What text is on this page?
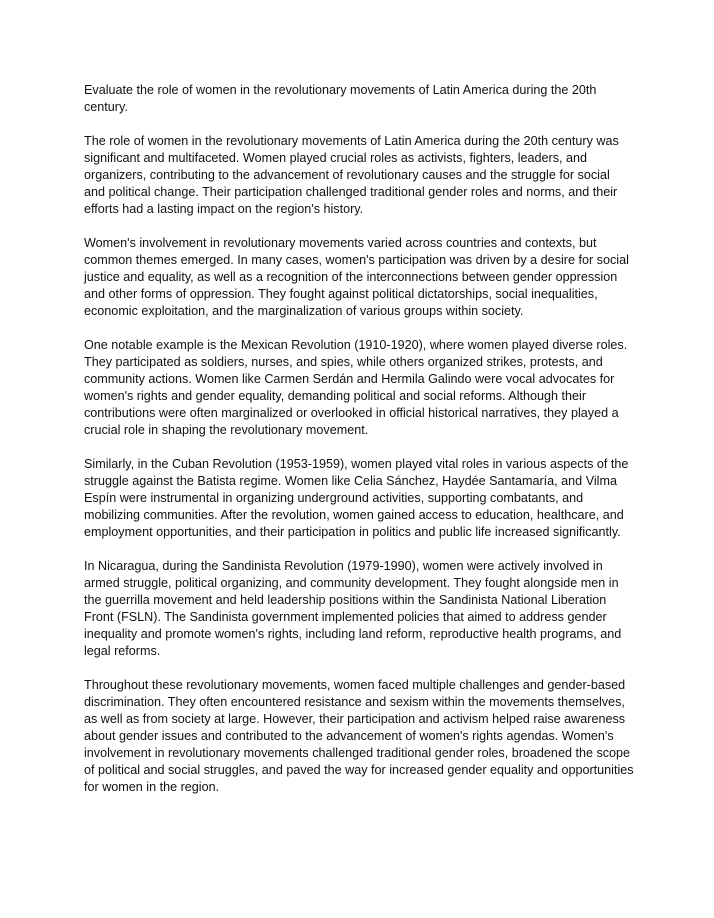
Evaluate the role of women in the revolutionary movements of Latin America during the 20th century.

The role of women in the revolutionary movements of Latin America during the 20th century was significant and multifaceted. Women played crucial roles as activists, fighters, leaders, and organizers, contributing to the advancement of revolutionary causes and the struggle for social and political change. Their participation challenged traditional gender roles and norms, and their efforts had a lasting impact on the region's history.

Women's involvement in revolutionary movements varied across countries and contexts, but common themes emerged. In many cases, women's participation was driven by a desire for social justice and equality, as well as a recognition of the interconnections between gender oppression and other forms of oppression. They fought against political dictatorships, social inequalities, economic exploitation, and the marginalization of various groups within society.

One notable example is the Mexican Revolution (1910-1920), where women played diverse roles. They participated as soldiers, nurses, and spies, while others organized strikes, protests, and community actions. Women like Carmen Serdán and Hermila Galindo were vocal advocates for women's rights and gender equality, demanding political and social reforms. Although their contributions were often marginalized or overlooked in official historical narratives, they played a crucial role in shaping the revolutionary movement.

Similarly, in the Cuban Revolution (1953-1959), women played vital roles in various aspects of the struggle against the Batista regime. Women like Celia Sánchez, Haydée Santamaría, and Vilma Espín were instrumental in organizing underground activities, supporting combatants, and mobilizing communities. After the revolution, women gained access to education, healthcare, and employment opportunities, and their participation in politics and public life increased significantly.

In Nicaragua, during the Sandinista Revolution (1979-1990), women were actively involved in armed struggle, political organizing, and community development. They fought alongside men in the guerrilla movement and held leadership positions within the Sandinista National Liberation Front (FSLN). The Sandinista government implemented policies that aimed to address gender inequality and promote women's rights, including land reform, reproductive health programs, and legal reforms.

Throughout these revolutionary movements, women faced multiple challenges and gender-based discrimination. They often encountered resistance and sexism within the movements themselves, as well as from society at large. However, their participation and activism helped raise awareness about gender issues and contributed to the advancement of women's rights agendas. Women's involvement in revolutionary movements challenged traditional gender roles, broadened the scope of political and social struggles, and paved the way for increased gender equality and opportunities for women in the region.
